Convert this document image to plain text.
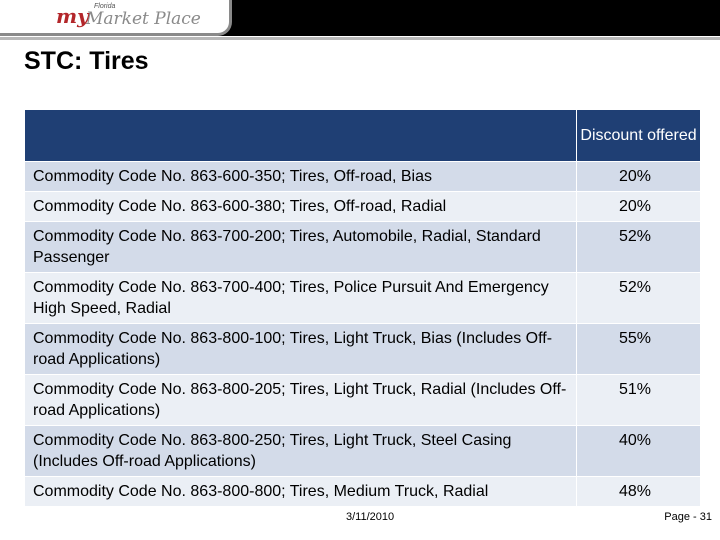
my Florida
Market Place
STC: Tires
	Discount offered
Commodity Code No. 863-600-350; Tires, Off-road, Bias	20%
Commodity Code No. 863-600-380; Tires, Off-road, Radial	20%
Commodity Code No. 863-700-200; Tires, Automobile, Radial, Standard Passenger	52%
Commodity Code No. 863-700-400; Tires, Police Pursuit And Emergency High Speed, Radial	52%
Commodity Code No. 863-800-100; Tires, Light Truck, Bias (Includes Off-road Applications)	55%
Commodity Code No. 863-800-205; Tires, Light Truck, Radial (Includes Off-road Applications)	51%
Commodity Code No. 863-800-250; Tires, Light Truck, Steel Casing (Includes Off-road Applications)	40%
Commodity Code No. 863-800-800; Tires, Medium Truck, Radial	48%
3/11/2010	Page - 31
